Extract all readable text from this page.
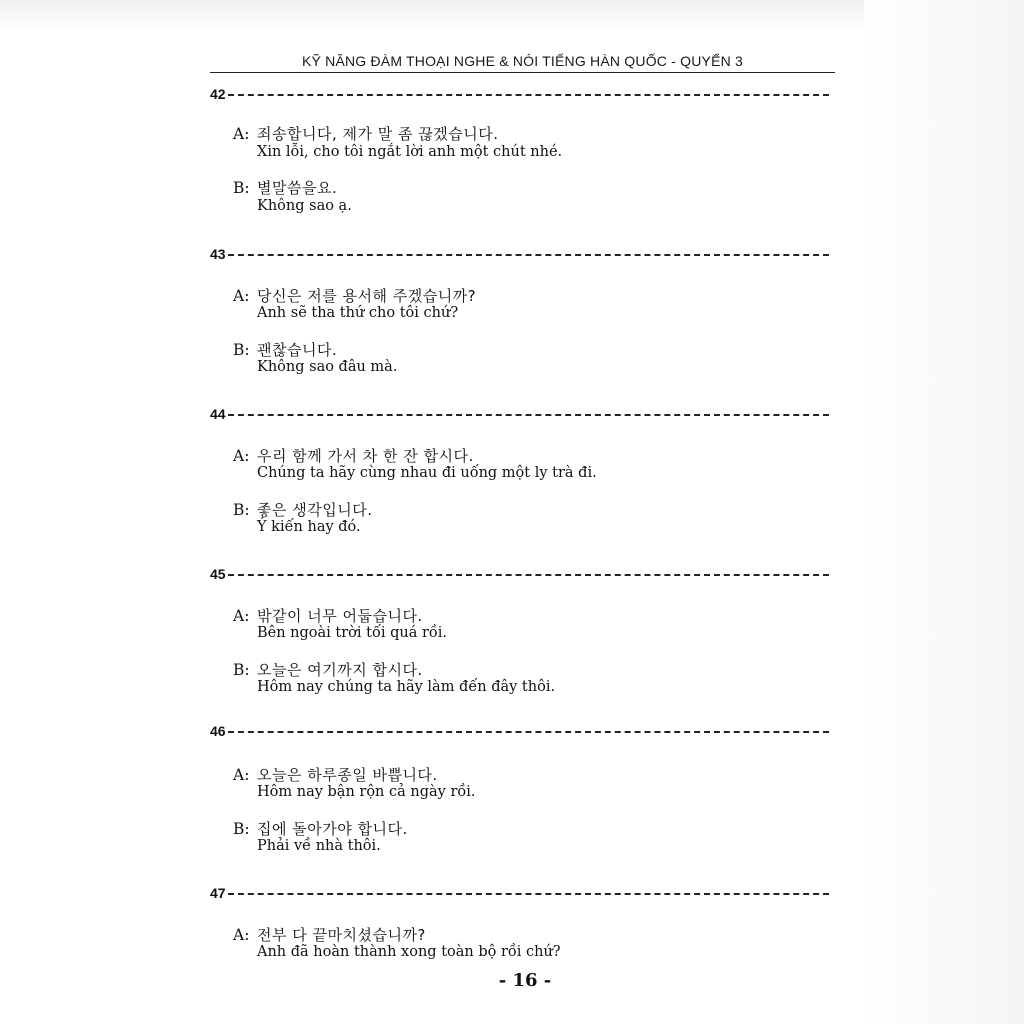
KỸ NĂNG ĐÀM THOẠI NGHE & NÓI TIẾNG HÀN QUỐC - QUYỂN 3
42
A: 죄송합니다, 제가 말 좀 끊겠습니다.
Xin lỗi, cho tôi ngắt lời anh một chút nhé.
B: 별말씀을요.
Không sao ạ.
43
A: 당신은 저를 용서해 주겠습니까?
Anh sẽ tha thứ cho tôi chứ?
B: 괜찮습니다.
Không sao đâu mà.
44
A: 우리 함께 가서 차 한 잔 합시다.
Chúng ta hãy cùng nhau đi uống một ly trà đi.
B: 좋은 생각입니다.
Ý kiến hay đó.
45
A: 밖같이 너무 어둡습니다.
Bên ngoài trời tối quá rồi.
B: 오늘은 여기까지 합시다.
Hôm nay chúng ta hãy làm đến đây thôi.
46
A: 오늘은 하루종일 바쁩니다.
Hôm nay bận rộn cả ngày rồi.
B: 집에 돌아가야 합니다.
Phải về nhà thôi.
47
A: 전부 다 끝마치셨습니까?
Anh đã hoàn thành xong toàn bộ rồi chứ?
- 16 -
